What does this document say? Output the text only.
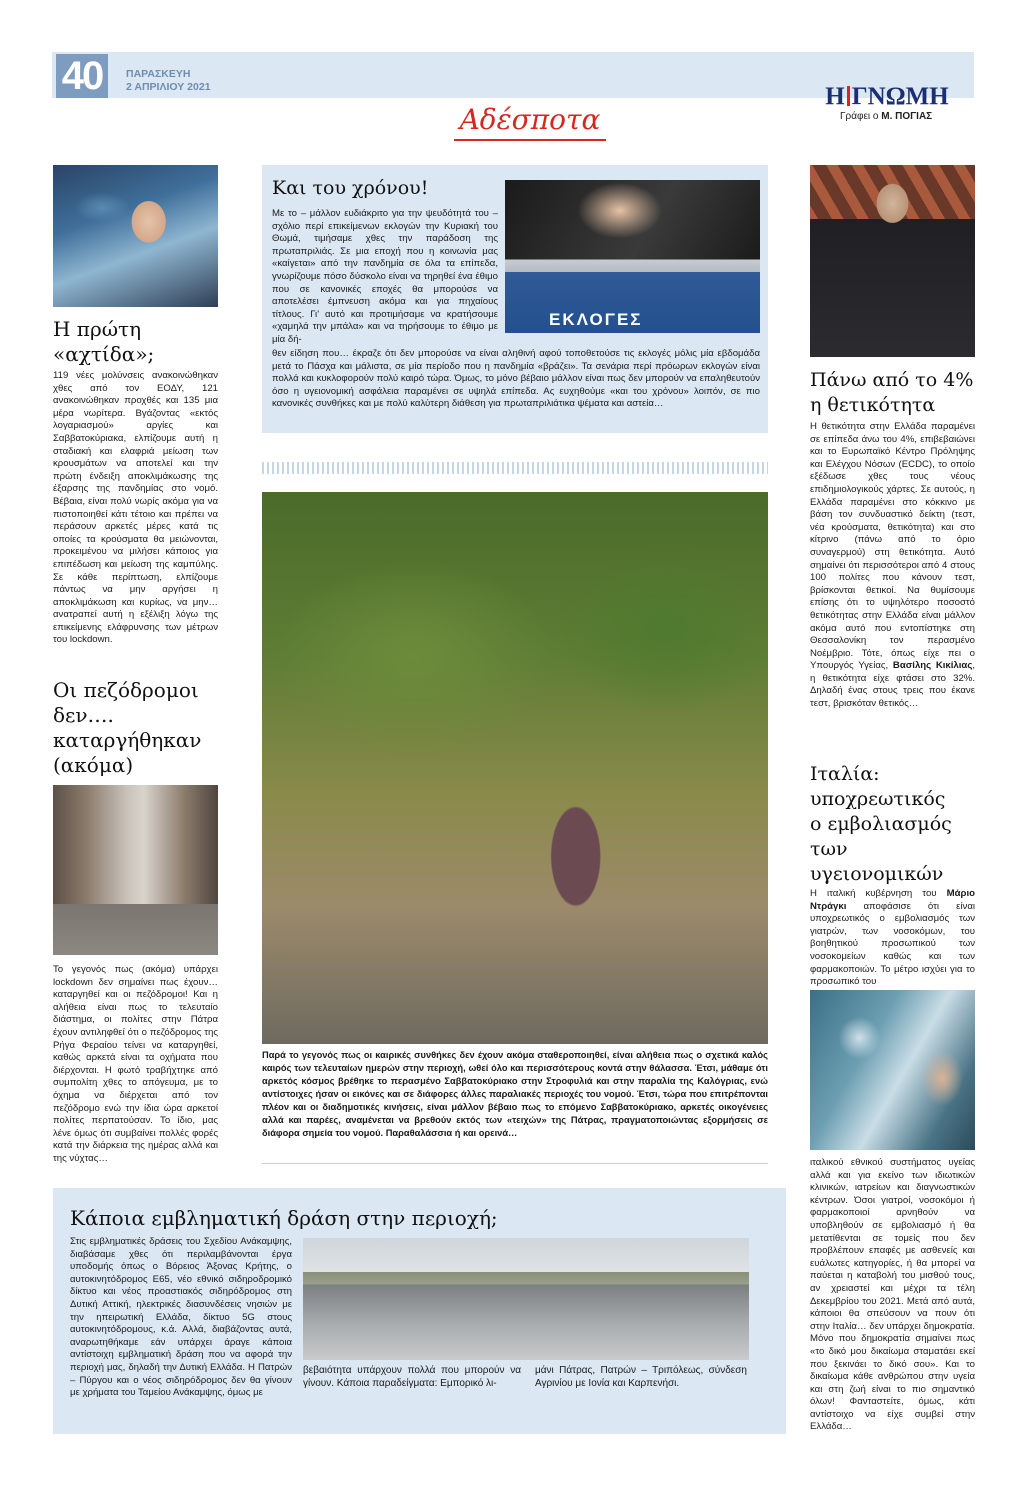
40	ΠΑΡΑΣΚΕΥΗ
2 ΑΠΡΙΛΙΟΥ 2021
Αδέσποτα
Η ΓΝΩΜΗ
Γράφει ο Μ. ΠΟΓΙΑΣ
Η πρώτη «αχτίδα»;
119 νέες μολύνσεις ανακοινώθηκαν χθες από τον ΕΟΔΥ, 121 ανακοινώθηκαν προχθές και 135 μια μέρα νωρίτερα. Βγάζοντας «εκτός λογαριασμού» αργίες και Σαββατοκύριακα, ελπίζουμε αυτή η σταδιακή και ελαφριά μείωση των κρουσμάτων να αποτελεί και την πρώτη ένδειξη αποκλιμάκωσης της έξαρσης της πανδημίας στο νομό. Βέβαια, είναι πολύ νωρίς ακόμα για να πιστοποιηθεί κάτι τέτοιο και πρέπει να περάσουν αρκετές μέρες κατά τις οποίες τα κρούσματα θα μειώνονται, προκειμένου να μιλήσει κάποιος για επιπέδωση και μείωση της καμπύλης. Σε κάθε περίπτωση, ελπίζουμε πάντως να μην αργήσει η αποκλιμάκωση και κυρίως, να μην… ανατραπεί αυτή η εξέλιξη λόγω της επικείμενης ελάφρυνσης των μέτρων του lockdown.
Οι πεζόδρομοι
δεν….
καταργήθηκαν
(ακόμα)
Το γεγονός πως (ακόμα) υπάρχει lockdown δεν σημαίνει πως έχουν… καταργηθεί και οι πεζόδρομοι! Και η αλήθεια είναι πως το τελευταίο διάστημα, οι πολίτες στην Πάτρα έχουν αντιληφθεί ότι ο πεζόδρομος της Ρήγα Φεραίου τείνει να καταργηθεί, καθώς αρκετά είναι τα οχήματα που διέρχονται. Η φωτό τραβήχτηκε από συμπολίτη χθες το απόγευμα, με το όχημα να διέρχεται από τον πεζόδρομο ενώ την ίδια ώρα αρκετοί πολίτες περπατούσαν. Το ίδιο, μας λένε όμως ότι συμβαίνει πολλές φορές κατά την διάρκεια της ημέρας αλλά και της νύχτας…
Και του χρόνου!
ΕΚΛΟΓΕΣ
Με το – μάλλον ευδιάκριτο για την ψευδότητά του – σχόλιο περί επικείμενων εκλογών την Κυριακή του Θωμά, τιμήσαμε χθες την παράδοση της πρωταπριλιάς. Σε μια εποχή που η κοινωνία μας «καίγεται» από την πανδημία σε όλα τα επίπεδα, γνωρίζουμε πόσο δύσκολο είναι να τηρηθεί ένα έθιμο που σε κανονικές εποχές θα μπορούσε να αποτελέσει έμπνευση ακόμα και για πηχαίους τίτλους. Γι' αυτό και προτιμήσαμε να κρατήσουμε «χαμηλά την μπάλα» και να τηρήσουμε το έθιμο με μία δή-
θεν είδηση που… έκραζε ότι δεν μπορούσε να είναι αληθινή αφού τοποθετούσε τις εκλογές μόλις μία εβδομάδα μετά το Πάσχα και μάλιστα, σε μία περίοδο που η πανδημία «βράζει». Τα σενάρια περί πρόωρων εκλογών είναι πολλά και κυκλοφορούν πολύ καιρό τώρα. Όμως, το μόνο βέβαιο μάλλον είναι πως δεν μπορούν να επαληθευτούν όσο η υγειονομική ασφάλεια παραμένει σε υψηλά επίπεδα. Ας ευχηθούμε «και του χρόνου» λοιπόν, σε πιο κανονικές συνθήκες και με πολύ καλύτερη διάθεση για πρωταπριλιάτικα ψέματα και αστεία…
Παρά το γεγονός πως οι καιρικές συνθήκες δεν έχουν ακόμα σταθεροποιηθεί, είναι αλήθεια πως ο σχετικά καλός καιρός των τελευταίων ημερών στην περιοχή, ωθεί όλο και περισσότερους κοντά στην θάλασσα. Έτσι, μάθαμε ότι αρκετός κόσμος βρέθηκε το περασμένο Σαββατοκύριακο στην Στροφυλιά και στην παραλία της Καλόγριας, ενώ αντίστοιχες ήσαν οι εικόνες και σε διάφορες άλλες παραλιακές περιοχές του νομού. Έτσι, τώρα που επιτρέπονται πλέον και οι διαδημοτικές κινήσεις, είναι μάλλον βέβαιο πως το επόμενο Σαββατοκύριακο, αρκετές οικογένειες αλλά και παρέες, αναμένεται να βρεθούν εκτός των «τειχών» της Πάτρας, πραγματοποιώντας εξορμήσεις σε διάφορα σημεία του νομού. Παραθαλάσσια ή και ορεινά…
Πάνω από το 4%
η θετικότητα
Η θετικότητα στην Ελλάδα παραμένει σε επίπεδα άνω του 4%, επιβεβαιώνει και το Ευρωπαϊκό Κέντρο Πρόληψης και Ελέγχου Νόσων (ECDC), το οποίο εξέδωσε χθες τους νέους επιδημιολογικούς χάρτες. Σε αυτούς, η Ελλάδα παραμένει στο κόκκινο με βάση τον συνδυαστικό δείκτη (τεστ, νέα κρούσματα, θετικότητα) και στο κίτρινο (πάνω από το όριο συναγερμού) στη θετικότητα. Αυτό σημαίνει ότι περισσότεροι από 4 στους 100 πολίτες που κάνουν τεστ, βρίσκονται θετικοί. Να θυμίσουμε επίσης ότι το υψηλότερο ποσοστό θετικότητας στην Ελλάδα είναι μάλλον ακόμα αυτό που εντοπίστηκε στη Θεσσαλονίκη τον περασμένο Νοέμβριο. Τότε, όπως είχε πει ο Υπουργός Υγείας, Βασίλης Κικίλιας, η θετικότητα είχε φτάσει στο 32%. Δηλαδή ένας στους τρεις που έκανε τεστ, βρισκόταν θετικός…
Ιταλία:
υποχρεωτικός
ο εμβολιασμός
των
υγειονομικών
Η ιταλική κυβέρνηση του Μάριο Ντράγκι αποφάσισε ότι είναι υποχρεωτικός ο εμβολιασμός των γιατρών, των νοσοκόμων, του βοηθητικού προσωπικού των νοσοκομείων καθώς και των φαρμακοποιών. Το μέτρο ισχύει για το προσωπικό του
ιταλικού εθνικού συστήματος υγείας αλλά και για εκείνο των ιδιωτικών κλινικών, ιατρείων και διαγνωστικών κέντρων. Όσοι γιατροί, νοσοκόμοι ή φαρμακοποιοί αρνηθούν να υποβληθούν σε εμβολιασμό ή θα μετατίθενται σε τομείς που δεν προβλέπουν επαφές με ασθενείς και ευάλωτες κατηγορίες, ή θα μπορεί να παύεται η καταβολή του μισθού τους, αν χρειαστεί και μέχρι τα τέλη Δεκεμβρίου του 2021. Μετά από αυτά, κάποιοι θα σπεύσουν να πουν ότι στην Ιταλία… δεν υπάρχει δημοκρατία. Μόνο που δημοκρατία σημαίνει πως «το δικό μου δικαίωμα σταματάει εκεί που ξεκινάει το δικό σου». Και το δικαίωμα κάθε ανθρώπου στην υγεία και στη ζωή είναι το πιο σημαντικό όλων! Φανταστείτε, όμως, κάτι αντίστοιχο να είχε συμβεί στην Ελλάδα…
Κάποια εμβληματική δράση στην περιοχή;
Στις εμβληματικές δράσεις του Σχεδίου Ανάκαμψης, διαβάσαμε χθες ότι περιλαμβάνονται έργα υποδομής όπως ο Βόρειος Άξονας Κρήτης, ο αυτοκινητόδρομος Ε65, νέο εθνικό σιδηροδρομικό δίκτυο και νέος προαστιακός σιδηρόδρομος στη Δυτική Αττική, ηλεκτρικές διασυνδέσεις νησιών με την ηπειρωτική Ελλάδα, δίκτυο 5G στους αυτοκινητόδρομους, κ.ά. Αλλά, διαβάζοντας αυτά, αναρωτηθήκαμε εάν υπάρχει άραγε κάποια αντίστοιχη εμβληματική δράση που να αφορά την περιοχή μας, δηλαδή την Δυτική Ελλάδα. Η Πατρών – Πύργου και ο νέος σιδηρόδρομος δεν θα γίνουν με χρήματα του Ταμείου Ανάκαμψης, όμως με
βεβαιότητα υπάρχουν πολλά που μπορούν να γίνουν. Κάποια παραδείγματα: Εμπορικό λι-
μάνι Πάτρας, Πατρών – Τριπόλεως, σύνδεση Αγρινίου με Ιονία και Καρπενήσι.
